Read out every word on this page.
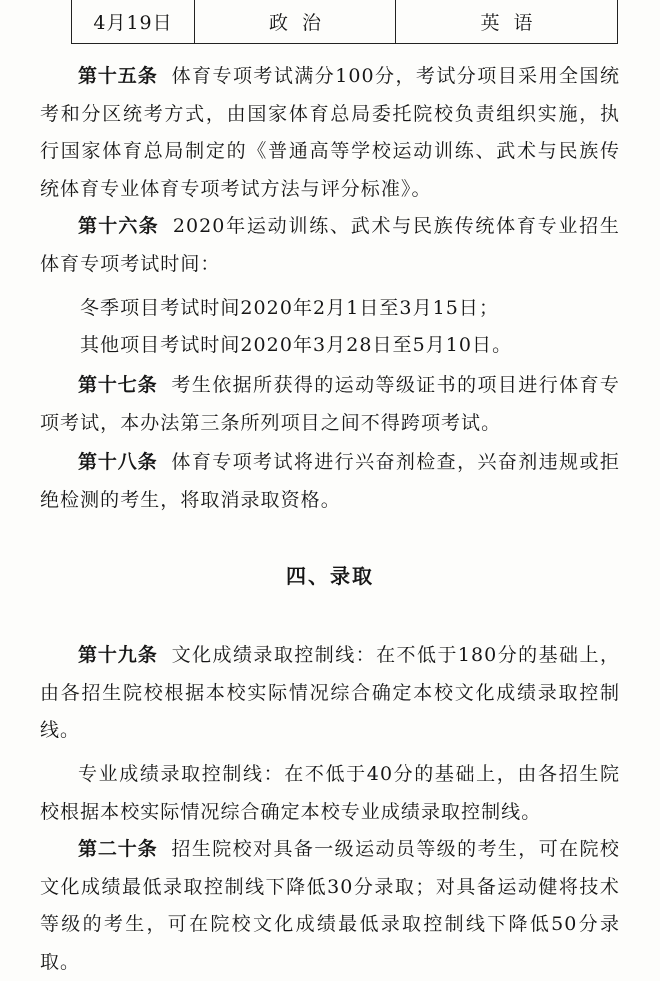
4月19日	政治	英语

第十五条 体育专项考试满分100分，考试分项目采用全国统考和分区统考方式，由国家体育总局委托院校负责组织实施，执行国家体育总局制定的《普通高等学校运动训练、武术与民族传统体育专业体育专项考试方法与评分标准》。

第十六条 2020年运动训练、武术与民族传统体育专业招生体育专项考试时间：

冬季项目考试时间2020年2月1日至3月15日；
其他项目考试时间2020年3月28日至5月10日。

第十七条 考生依据所获得的运动等级证书的项目进行体育专项考试，本办法第三条所列项目之间不得跨项考试。

第十八条 体育专项考试将进行兴奋剂检查，兴奋剂违规或拒绝检测的考生，将取消录取资格。

四、录取

第十九条 文化成绩录取控制线：在不低于180分的基础上，由各招生院校根据本校实际情况综合确定本校文化成绩录取控制线。

专业成绩录取控制线：在不低于40分的基础上，由各招生院校根据本校实际情况综合确定本校专业成绩录取控制线。

第二十条 招生院校对具备一级运动员等级的考生，可在院校文化成绩最低录取控制线下降低30分录取；对具备运动健将技术等级的考生，可在院校文化成绩最低录取控制线下降低50分录取。
